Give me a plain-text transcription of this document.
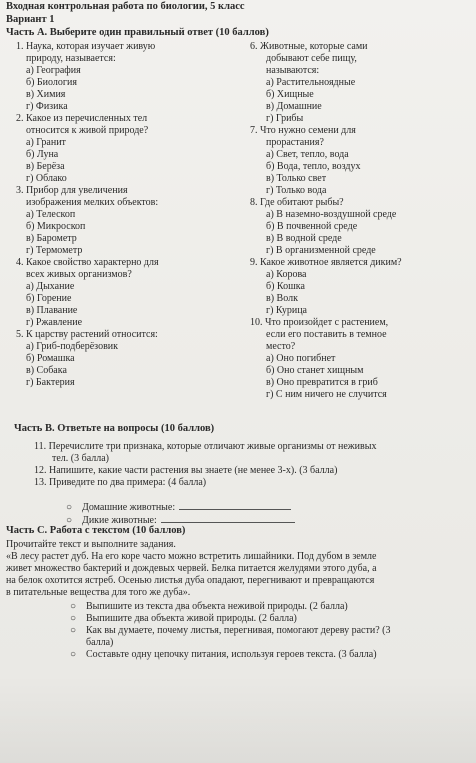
Входная контрольная работа по биологии, 5 класс
Вариант 1
Часть А. Выберите один правильный ответ (10 баллов)
1. Наука, которая изучает живую
природу, называется:
а) География
б) Биология
в) Химия
г) Физика
2. Какое из перечисленных тел
относится к живой природе?
а) Гранит
б) Луна
в) Берёза
г) Облако
3. Прибор для увеличения
изображения мелких объектов:
а) Телескоп
б) Микроскоп
в) Барометр
г) Термометр
4. Какое свойство характерно для
всех живых организмов?
а) Дыхание
б) Горение
в) Плавание
г) Ржавление
5. К царству растений относится:
а) Гриб-подберёзовик
б) Ромашка
в) Собака
г) Бактерия
6. Животные, которые сами
добывают себе пищу,
называются:
а) Растительноядные
б) Хищные
в) Домашние
г) Грибы
7. Что нужно семени для
прорастания?
а) Свет, тепло, вода
б) Вода, тепло, воздух
в) Только свет
г) Только вода
8. Где обитают рыбы?
а) В наземно-воздушной среде
б) В почвенной среде
в) В водной среде
г) В организменной среде
9. Какое животное является диким?
а) Корова
б) Кошка
в) Волк
г) Курица
10. Что произойдет с растением,
если его поставить в темное
место?
а) Оно погибнет
б) Оно станет хищным
в) Оно превратится в гриб
г) С ним ничего не случится
Часть B. Ответьте на вопросы (10 баллов)
11. Перечислите три признака, которые отличают живые организмы от неживых
тел. (3 балла)
12. Напишите, какие части растения вы знаете (не менее 3-х). (3 балла)
13. Приведите по два примера: (4 балла)
○ Домашние животные:
○ Дикие животные:
Часть С. Работа с текстом (10 баллов)
Прочитайте текст и выполните задания.
«В лесу растет дуб. На его коре часто можно встретить лишайники. Под дубом в земле
живет множество бактерий и дождевых червей. Белка питается желудями этого дуба, а
на белок охотится ястреб. Осенью листья дуба опадают, перегнивают и превращаются
в питательные вещества для того же дуба».
○ Выпишите из текста два объекта неживой природы. (2 балла)
○ Выпишите два объекта живой природы. (2 балла)
○ Как вы думаете, почему листья, перегнивая, помогают дереву расти? (3
балла)
○ Составьте одну цепочку питания, используя героев текста. (3 балла)
